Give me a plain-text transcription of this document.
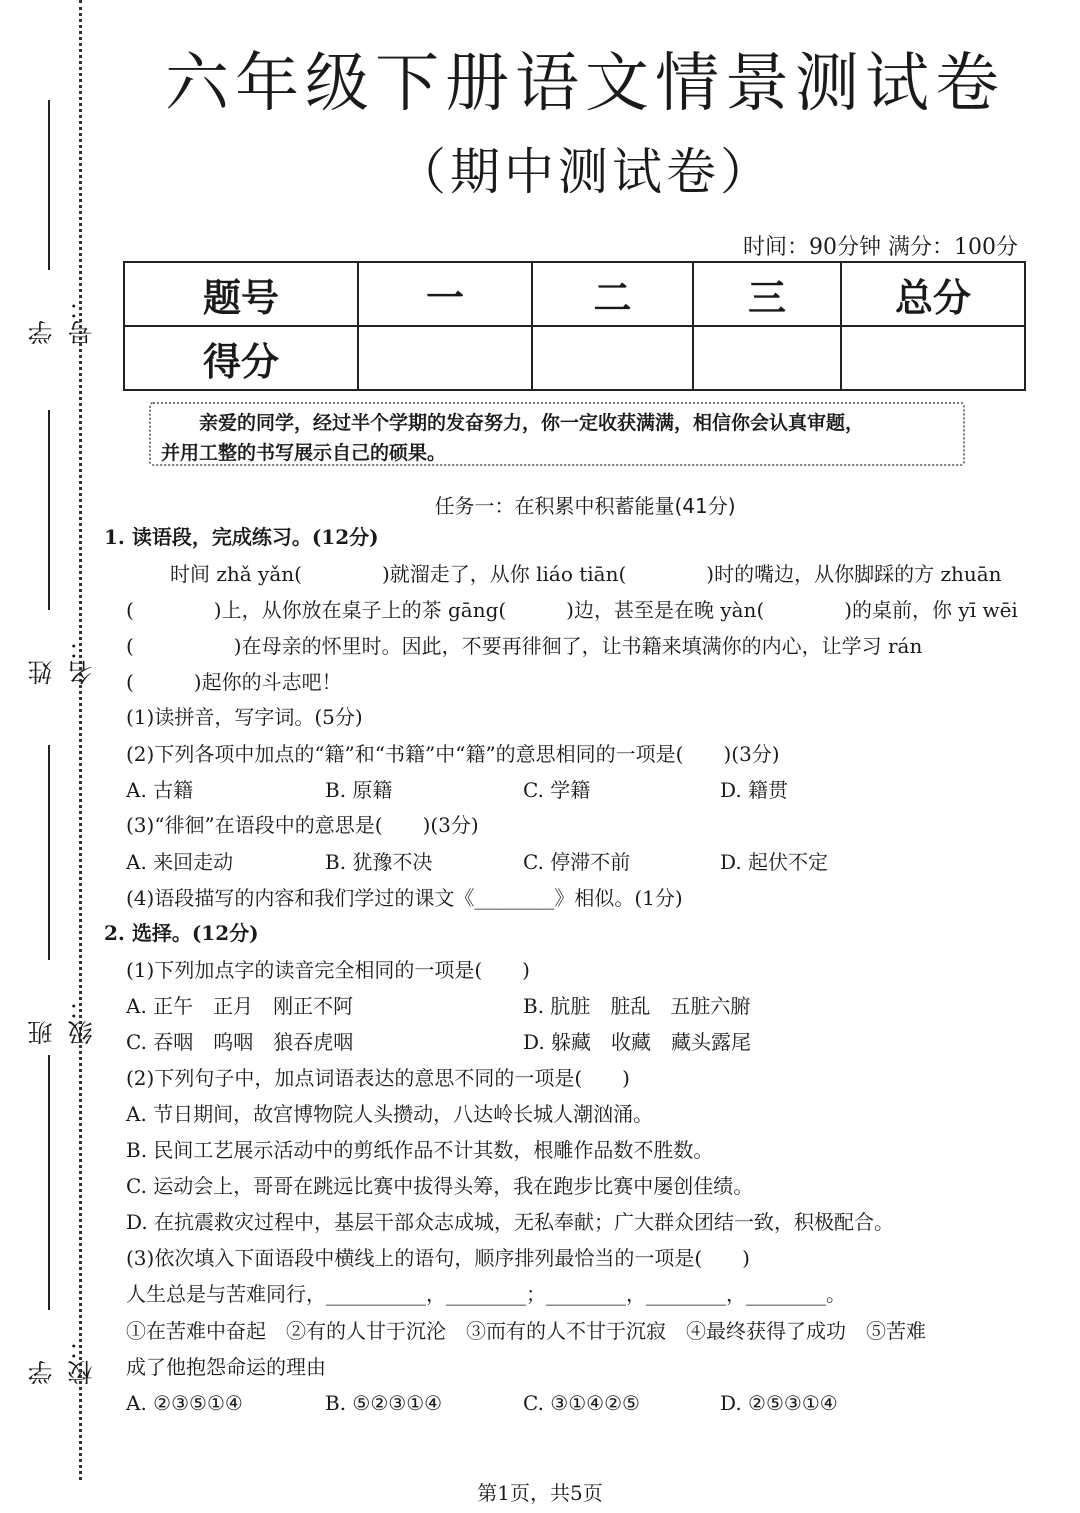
学号：
姓名：
班级：
学校：
六年级下册语文情景测试卷
（期中测试卷）
时间：90分钟 满分：100分
题号	一	二	三	总分
得分				
亲爱的同学，经过半个学期的发奋努力，你一定收获满满，相信你会认真审题，
并用工整的书写展示自己的硕果。
任务一：在积累中积蓄能量(41分)
1. 读语段，完成练习。(12分)
时间 zhǎ yǎn(　　　　)就溜走了，从你 liáo tiān(　　　　)时的嘴边，从你脚踩的方 zhuān
(　　　　)上，从你放在桌子上的茶 gāng(　　　)边，甚至是在晚 yàn(　　　　)的桌前，你 yī wēi
(　　　　　)在母亲的怀里时。因此，不要再徘徊了，让书籍来填满你的内心，让学习 rán
(　　　)起你的斗志吧！
(1)读拼音，写字词。(5分)
(2)下列各项中加点的“籍”和“书籍”中“籍”的意思相同的一项是(　　)(3分)
A. 古籍	B. 原籍	C. 学籍	D. 籍贯
(3)“徘徊”在语段中的意思是(　　)(3分)
A. 来回走动	B. 犹豫不决	C. 停滞不前	D. 起伏不定
(4)语段描写的内容和我们学过的课文《________》相似。(1分)
2. 选择。(12分)
(1)下列加点字的读音完全相同的一项是(　　)
A. 正午　正月　刚正不阿	B. 肮脏　脏乱　五脏六腑
C. 吞咽　呜咽　狼吞虎咽	D. 躲藏　收藏　藏头露尾
(2)下列句子中，加点词语表达的意思不同的一项是(　　)
A. 节日期间，故宫博物院人头攒动，八达岭长城人潮汹涌。
B. 民间工艺展示活动中的剪纸作品不计其数，根雕作品数不胜数。
C. 运动会上，哥哥在跳远比赛中拔得头筹，我在跑步比赛中屡创佳绩。
D. 在抗震救灾过程中，基层干部众志成城，无私奉献；广大群众团结一致，积极配合。
(3)依次填入下面语段中横线上的语句，顺序排列最恰当的一项是(　　)
人生总是与苦难同行，__________，________；________，________，________。
①在苦难中奋起　②有的人甘于沉沦　③而有的人不甘于沉寂　④最终获得了成功　⑤苦难
成了他抱怨命运的理由
A. ②③⑤①④	B. ⑤②③①④	C. ③①④②⑤	D. ②⑤③①④
第1页，共5页
